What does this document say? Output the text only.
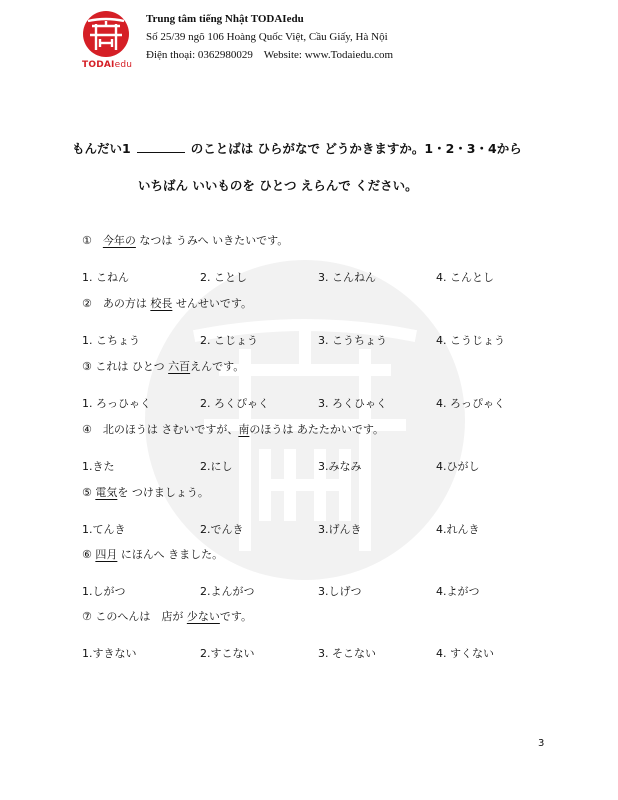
TODAIedu
Trung tâm tiếng Nhật TODAIedu
Số 25/39 ngõ 106 Hoàng Quốc Việt, Cầu Giấy, Hà Nội
Điện thoại: 0362980029    Website: www.Todaiedu.com
もんだい1	のことばは ひらがなで どうかきますか。1・2・3・4から
いちばん いいものを ひとつ えらんで ください。
①　今年の なつは うみへ いきたいです。
1. こねん	2. ことし	3. こんねん	4. こんとし
②　あの方は 校長 せんせいです。
1. こちょう	2. こじょう	3. こうちょう	4. こうじょう
③ これは ひとつ 六百えんです。
1. ろっひゃく	2. ろくぴゃく	3. ろくひゃく	4. ろっぴゃく
④　北のほうは さむいですが、南のほうは あたたかいです。
1.きた	2.にし	3.みなみ	4.ひがし
⑤ 電気を つけましょう。
1.てんき	2.でんき	3.げんき	4.れんき
⑥ 四月 にほんへ きました。
1.しがつ	2.よんがつ	3.しげつ	4.よがつ
⑦ このへんは　店が 少ないです。
1.すきない	2.すこない	3. そこない	4. すくない
3
